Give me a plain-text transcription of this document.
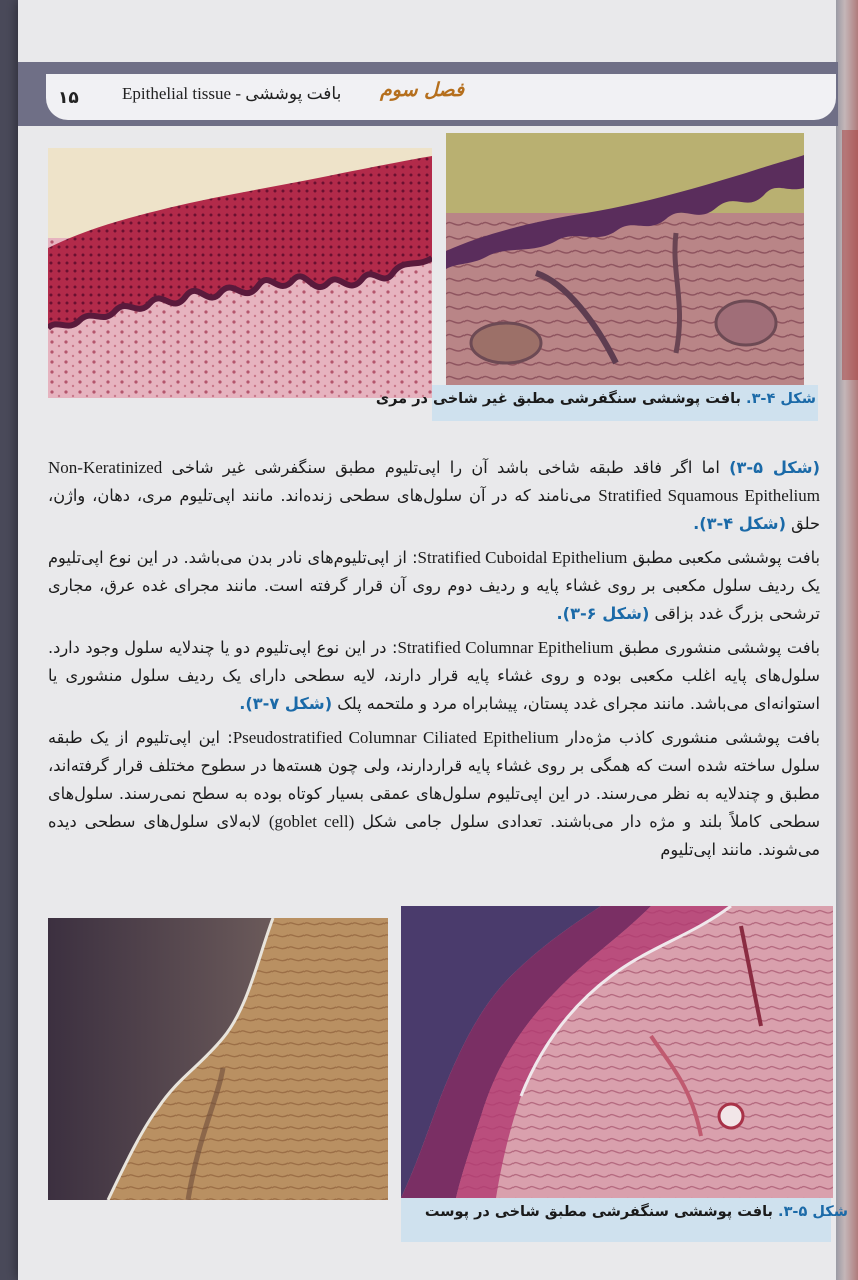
۱۵	Epithelial tissue - بافت پوششی فصل سوم
شکل ۴-۳. بافت پوششی سنگفرشی مطبق غیر شاخی در مری

(شکل ۵-۳) اما اگر فاقد طبقه شاخی باشد آن را اپی‌تلیوم مطبق سنگفرشی غیر شاخی Non-Keratinized Stratified Squamous Epithelium می‌نامند که در آن سلول‌های سطحی زنده‌اند. مانند اپی‌تلیوم مری، دهان، واژن، حلق (شکل ۴-۳).

بافت پوششی مکعبی مطبق Stratified Cuboidal Epithelium: از اپی‌تلیوم‌های نادر بدن می‌باشد. در این نوع اپی‌تلیوم یک ردیف سلول مکعبی بر روی غشاء پایه و ردیف دوم روی آن قرار گرفته است. مانند مجرای غده عرق، مجاری ترشحی بزرگ غدد بزاقی (شکل ۶-۳).

بافت پوششی منشوری مطبق Stratified Columnar Epithelium: در این نوع اپی‌تلیوم دو یا چندلایه سلول وجود دارد. سلول‌های پایه اغلب مکعبی بوده و روی غشاء پایه قرار دارند، لایه سطحی دارای یک ردیف سلول منشوری یا استوانه‌ای می‌باشد. مانند مجرای غدد پستان، پیشابراه مرد و ملتحمه پلک (شکل ۷-۳).

بافت پوششی منشوری کاذب مژه‌دار Pseudostratified Columnar Ciliated Epithelium: این اپی‌تلیوم از یک طبقه سلول ساخته شده است که همگی بر روی غشاء پایه قراردارند، ولی چون هسته‌ها در سطوح مختلف قرار گرفته‌اند، مطبق و چندلایه به نظر می‌رسند. در این اپی‌تلیوم سلول‌های عمقی بسیار کوتاه بوده به سطح نمی‌رسند. سلول‌های سطحی کاملاً بلند و مژه دار می‌باشند. تعدادی سلول جامی شکل (goblet cell) لابه‌لای سلول‌های سطحی دیده می‌شوند. مانند اپی‌تلیوم

شکل ۵-۳. بافت پوششی سنگفرشی مطبق شاخی در پوست
